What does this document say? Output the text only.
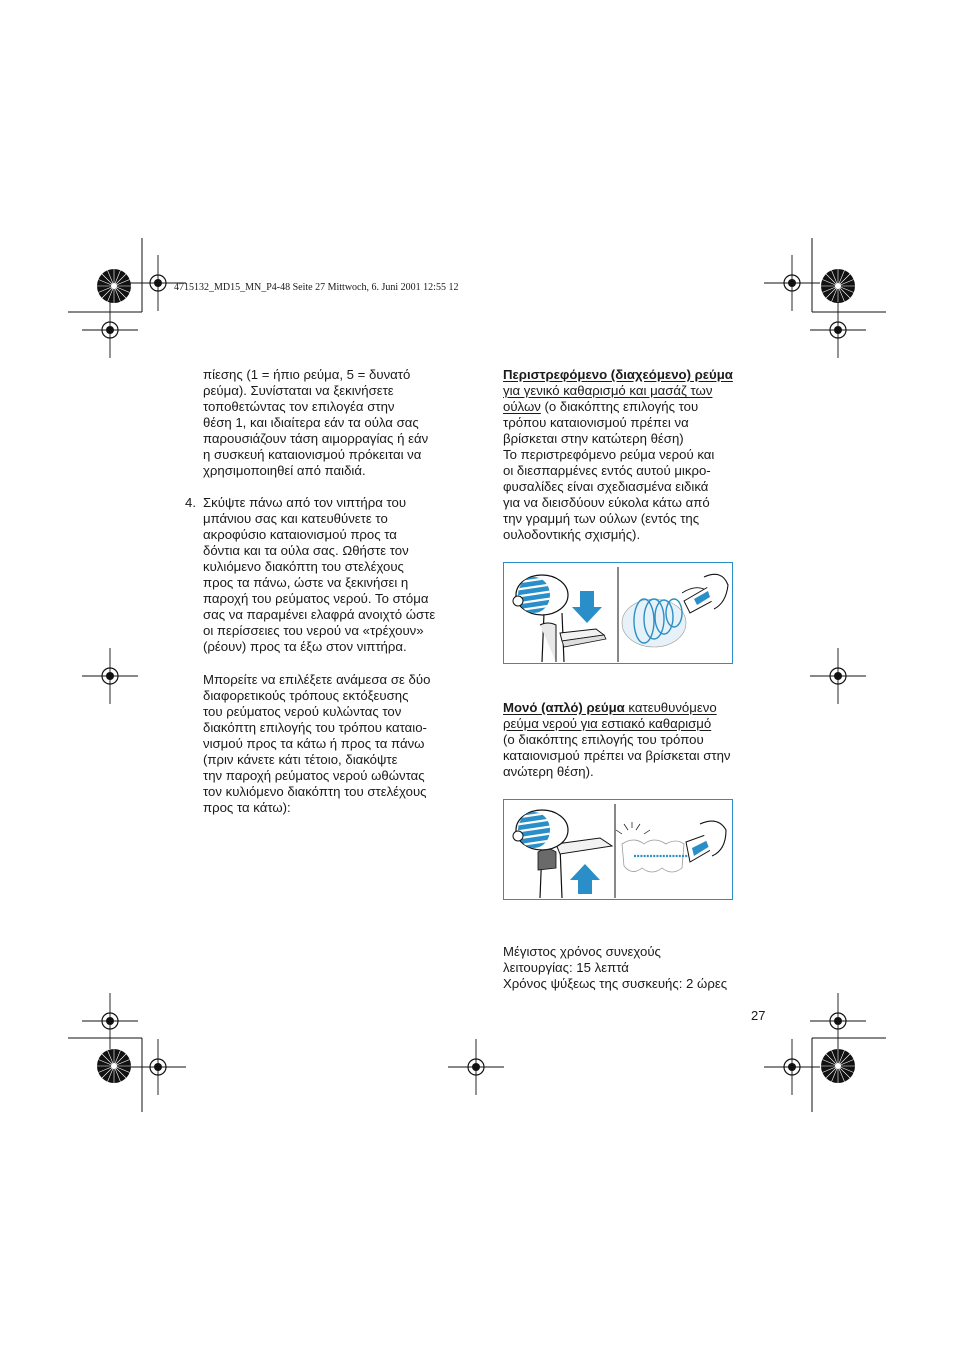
4715132_MD15_MN_P4-48 Seite 27 Mittwoch, 6. Juni 2001 12:55 12
πίεσης (1 = ήπιο ρεύμα, 5 = δυνατό
ρεύμα). Συνίσταται να ξεκινήσετε
τοποθετώντας τον επιλογέα στην
θέση 1, και ιδιαίτερα εάν τα ούλα σας
παρουσιάζουν τάση αιμορραγίας ή εάν
η συσκευή καταιονισμού πρόκειται να
χρησιμοποιηθεί από παιδιά.
4. Σκύψτε πάνω από τον νιπτήρα του
μπάνιου σας και κατευθύνετε το
ακροφύσιο καταιονισμού προς τα
δόντια και τα ούλα σας. Ωθήστε τον
κυλιόμενο διακόπτη του στελέχους
προς τα πάνω, ώστε να ξεκινήσει η
παροχή του ρεύματος νερού. Το στόμα
σας να παραμένει ελαφρά ανοιχτό ώστε
οι περίσσειες του νερού να «τρέχουν»
(ρέουν) προς τα έξω στον νιπτήρα.
Μπορείτε να επιλέξετε ανάμεσα σε δύο
διαφορετικούς τρόπους εκτόξευσης
του ρεύματος νερού κυλώντας τον
διακόπτη επιλογής του τρόπου καταιο-
νισμού προς τα κάτω ή προς τα πάνω
(πριν κάνετε κάτι τέτοιο, διακόψτε
την παροχή ρεύματος νερού ωθώντας
τον κυλιόμενο διακόπτη του στελέχους
προς τα κάτω):
Περιστρεφόμενο (διαχεόμενο) ρεύμα
για γενικό καθαρισμό και μασάζ των
ούλων (ο διακόπτης επιλογής του
τρόπου καταιονισμού πρέπει να
βρίσκεται στην κατώτερη θέση)
Το περιστρεφόμενο ρεύμα νερού και
οι διεσπαρμένες εντός αυτού μικρο-
φυσαλίδες είναι σχεδιασμένα ειδικά
για να διεισδύουν εύκολα κάτω από
την γραμμή των ούλων (εντός της
ουλοδοντικής σχισμής).
Μονό (απλό) ρεύμα κατευθυνόμενο
ρεύμα νερού για εστιακό καθαρισμό
(ο διακόπτης επιλογής του τρόπου
καταιονισμού πρέπει να βρίσκεται στην
ανώτερη θέση).
Μέγιστος χρόνος συνεχούς
λειτουργίας: 15 λεπτά
Χρόνος ψύξεως της συσκευής: 2 ώρες
27
